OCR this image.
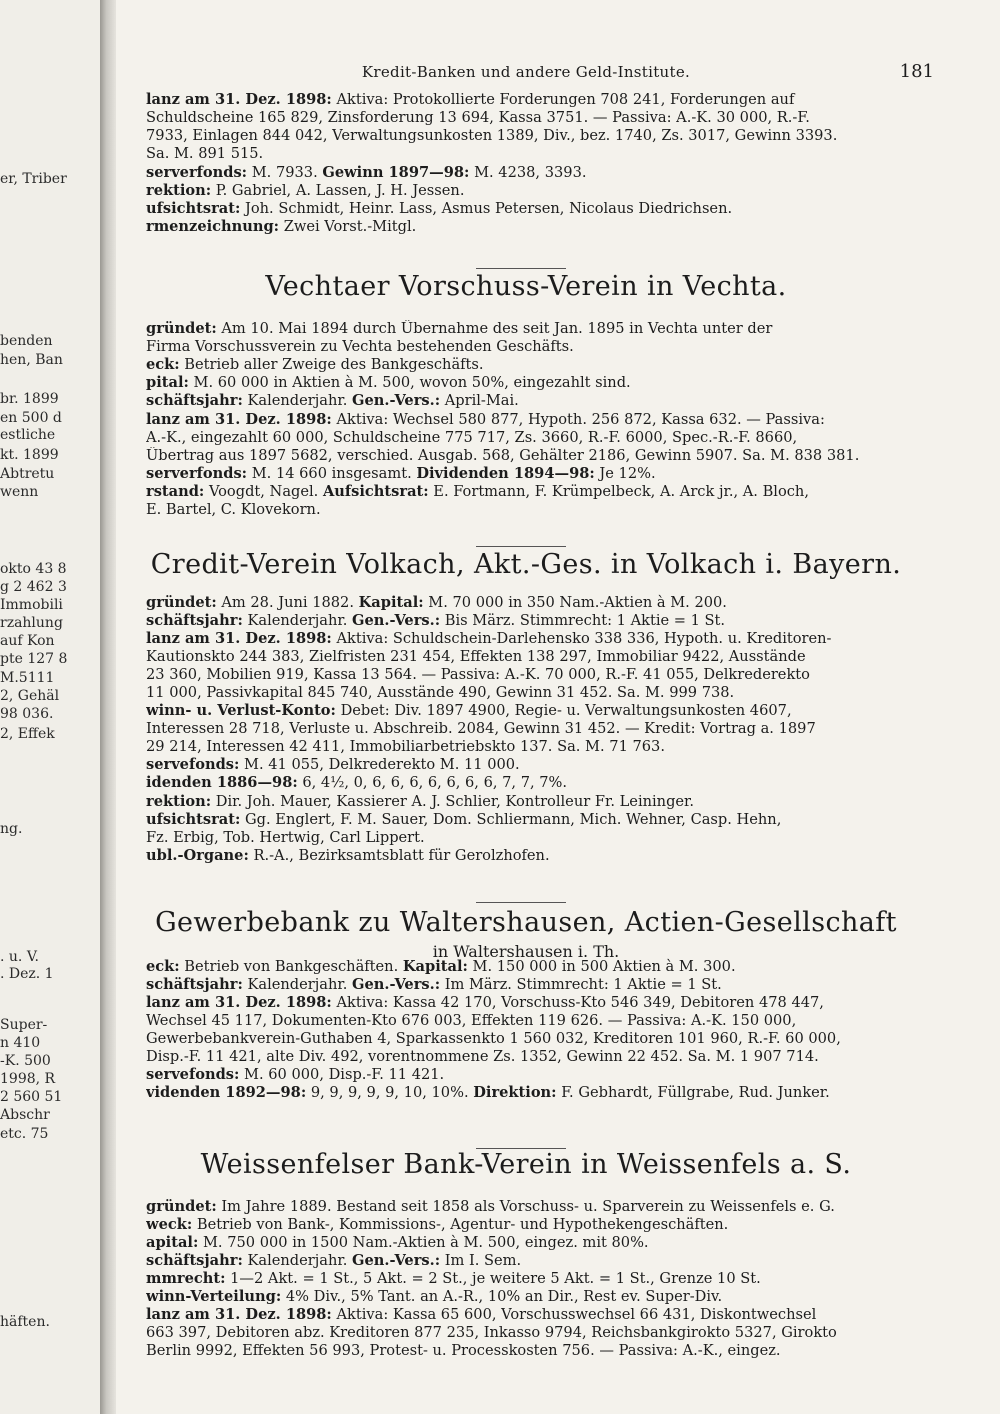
er, Triber
benden
hen, Ban
br. 1899
en 500 d
estliche
kt. 1899
Abtretu
wenn
okto 43 8
g 2 462 3
Immobili
rzahlung
auf Kon
pte 127 8
M.5111
2, Gehäl
98 036.
2, Effek
ng.
. u. V.
. Dez. 1
Super-
n 410
-K. 500
1998, R
2 560 51
Abschr
etc. 75
häften.
Kredit-Banken und andere Geld-Institute.	181
Vechtaer Vorschuss-Verein in Vechta.
Credit-Verein Volkach, Akt.-Ges. in Volkach i. Bayern.
Gewerbebank zu Waltershausen, Actien-Gesellschaft
in Waltershausen i. Th.
Weissenfelser Bank-Verein in Weissenfels a. S.
lanz am 31. Dez. 1898: Aktiva: Protokollierte Forderungen 708 241, Forderungen auf
Schuldscheine 165 829, Zinsforderung 13 694, Kassa 3751. — Passiva: A.-K. 30 000, R.-F.
7933, Einlagen 844 042, Verwaltungsunkosten 1389, Div., bez. 1740, Zs. 3017, Gewinn 3393.
Sa. M. 891 515.
serverfonds: M. 7933. Gewinn 1897—98: M. 4238, 3393.
rektion: P. Gabriel, A. Lassen, J. H. Jessen.
ufsichtsrat: Joh. Schmidt, Heinr. Lass, Asmus Petersen, Nicolaus Diedrichsen.
rmenzeichnung: Zwei Vorst.-Mitgl.
gründet: Am 10. Mai 1894 durch Übernahme des seit Jan. 1895 in Vechta unter der
Firma Vorschussverein zu Vechta bestehenden Geschäfts.
eck: Betrieb aller Zweige des Bankgeschäfts.
pital: M. 60 000 in Aktien à M. 500, wovon 50%, eingezahlt sind.
schäftsjahr: Kalenderjahr. Gen.-Vers.: April-Mai.
lanz am 31. Dez. 1898: Aktiva: Wechsel 580 877, Hypoth. 256 872, Kassa 632. — Passiva:
A.-K., eingezahlt 60 000, Schuldscheine 775 717, Zs. 3660, R.-F. 6000, Spec.-R.-F. 8660,
Übertrag aus 1897 5682, verschied. Ausgab. 568, Gehälter 2186, Gewinn 5907. Sa. M. 838 381.
serverfonds: M. 14 660 insgesamt. Dividenden 1894—98: Je 12%.
rstand: Voogdt, Nagel. Aufsichtsrat: E. Fortmann, F. Krümpelbeck, A. Arck jr., A. Bloch,
E. Bartel, C. Klovekorn.
gründet: Am 28. Juni 1882. Kapital: M. 70 000 in 350 Nam.-Aktien à M. 200.
schäftsjahr: Kalenderjahr. Gen.-Vers.: Bis März. Stimmrecht: 1 Aktie = 1 St.
lanz am 31. Dez. 1898: Aktiva: Schuldschein-Darlehensko 338 336, Hypoth. u. Kreditoren-
Kautionskto 244 383, Zielfristen 231 454, Effekten 138 297, Immobiliar 9422, Ausstände
23 360, Mobilien 919, Kassa 13 564. — Passiva: A.-K. 70 000, R.-F. 41 055, Delkrederekto
11 000, Passivkapital 845 740, Ausstände 490, Gewinn 31 452. Sa. M. 999 738.
winn- u. Verlust-Konto: Debet: Div. 1897 4900, Regie- u. Verwaltungsunkosten 4607,
Interessen 28 718, Verluste u. Abschreib. 2084, Gewinn 31 452. — Kredit: Vortrag a. 1897
29 214, Interessen 42 411, Immobiliarbetriebskto 137. Sa. M. 71 763.
servefonds: M. 41 055, Delkrederekto M. 11 000.
idenden 1886—98: 6, 4½, 0, 6, 6, 6, 6, 6, 6, 6, 7, 7, 7%.
rektion: Dir. Joh. Mauer, Kassierer A. J. Schlier, Kontrolleur Fr. Leininger.
ufsichtsrat: Gg. Englert, F. M. Sauer, Dom. Schliermann, Mich. Wehner, Casp. Hehn,
Fz. Erbig, Tob. Hertwig, Carl Lippert.
ubl.-Organe: R.-A., Bezirksamtsblatt für Gerolzhofen.
eck: Betrieb von Bankgeschäften. Kapital: M. 150 000 in 500 Aktien à M. 300.
schäftsjahr: Kalenderjahr. Gen.-Vers.: Im März. Stimmrecht: 1 Aktie = 1 St.
lanz am 31. Dez. 1898: Aktiva: Kassa 42 170, Vorschuss-Kto 546 349, Debitoren 478 447,
Wechsel 45 117, Dokumenten-Kto 676 003, Effekten 119 626. — Passiva: A.-K. 150 000,
Gewerbebankverein-Guthaben 4, Sparkassenkto 1 560 032, Kreditoren 101 960, R.-F. 60 000,
Disp.-F. 11 421, alte Div. 492, vorentnommene Zs. 1352, Gewinn 22 452. Sa. M. 1 907 714.
servefonds: M. 60 000, Disp.-F. 11 421.
videnden 1892—98: 9, 9, 9, 9, 9, 10, 10%. Direktion: F. Gebhardt, Füllgrabe, Rud. Junker.
gründet: Im Jahre 1889. Bestand seit 1858 als Vorschuss- u. Sparverein zu Weissenfels e. G.
weck: Betrieb von Bank-, Kommissions-, Agentur- und Hypothekengeschäften.
apital: M. 750 000 in 1500 Nam.-Aktien à M. 500, eingez. mit 80%.
schäftsjahr: Kalenderjahr. Gen.-Vers.: Im I. Sem.
mmrecht: 1—2 Akt. = 1 St., 5 Akt. = 2 St., je weitere 5 Akt. = 1 St., Grenze 10 St.
winn-Verteilung: 4% Div., 5% Tant. an A.-R., 10% an Dir., Rest ev. Super-Div.
lanz am 31. Dez. 1898: Aktiva: Kassa 65 600, Vorschusswechsel 66 431, Diskontwechsel
663 397, Debitoren abz. Kreditoren 877 235, Inkasso 9794, Reichsbankgirokto 5327, Girokto
Berlin 9992, Effekten 56 993, Protest- u. Processkosten 756. — Passiva: A.-K., eingez.
